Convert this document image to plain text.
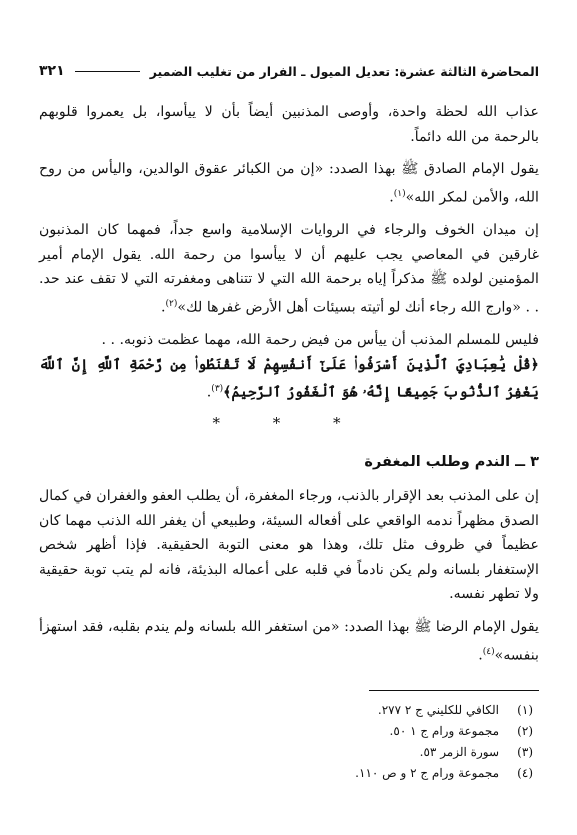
المحاضرة الثالثة عشرة: تعديل الميول ـ الفرار من تغليب الضمير
٣٢١

عذاب الله لحظة واحدة، وأوصى المذنبين أيضاً بأن لا ييأسوا، بل يعمروا قلوبهم بالرحمة من الله دائماً.

يقول الإمام الصادق ﷺ بهذا الصدد: «إن من الكبائر عقوق الوالدين، واليأس من روح الله، والأمن لمكر الله»$^{(١)}$.

إن ميدان الخوف والرجاء في الروايات الإسلامية واسع جداً، فمهما كان المذنبون غارقين في المعاصي يجب عليهم أن لا ييأسوا من رحمة الله. يقول الإمام أمير المؤمنين لولده ﷺ مذكراً إياه برحمة الله التي لا تتناهى ومغفرته التي لا تقف عند حد. . . «وارج الله رجاء أنك لو أتيته بسيئات أهل الأرض غفرها لك»$^{(٢)}$.

فليس للمسلم المذنب أن ييأس من فيض رحمة الله، مهما عظمت ذنوبه. . .
﴿قُلْ يَٰعِبَادِيَ ٱلَّذِينَ أَسْرَفُوا۟ عَلَىٰٓ أَنفُسِهِمْ لَا تَقْنَطُوا۟ مِن رَّحْمَةِ ٱللَّهِ إِنَّ ٱللَّهَ يَغْفِرُ ٱلذُّنُوبَ جَمِيعًا إِنَّهُۥ هُوَ ٱلْغَفُورُ ٱلرَّحِيمُ﴾$^{(٣)}$.

* * *
٣ ــ الندم وطلب المغفرة

إن على المذنب بعد الإقرار بالذنب، ورجاء المغفرة، أن يطلب العفو والغفران في كمال الصدق مظهراً ندمه الواقعي على أفعاله السيئة، وطبيعي أن يغفر الله الذنب مهما كان عظيماً في ظروف مثل تلك، وهذا هو معنى التوبة الحقيقية. فإذا أظهر شخص الإستغفار بلسانه ولم يكن نادماً في قلبه على أعماله البذيئة، فانه لم يتب توبة حقيقية ولا تطهر نفسه.

يقول الإمام الرضا ﷺ بهذا الصدد: «من استغفر الله بلسانه ولم يندم بقلبه، فقد استهزأ بنفسه»$^{(٤)}$.

(١)
الكافي للكليني ج ٢ ٢٧٧.
(٢)
مجموعة ورام ج ١ ٥٠.
(٣)
سورة الزمر ٥٣.
(٤)
مجموعة ورام ج ٢ و ص ١١٠.
